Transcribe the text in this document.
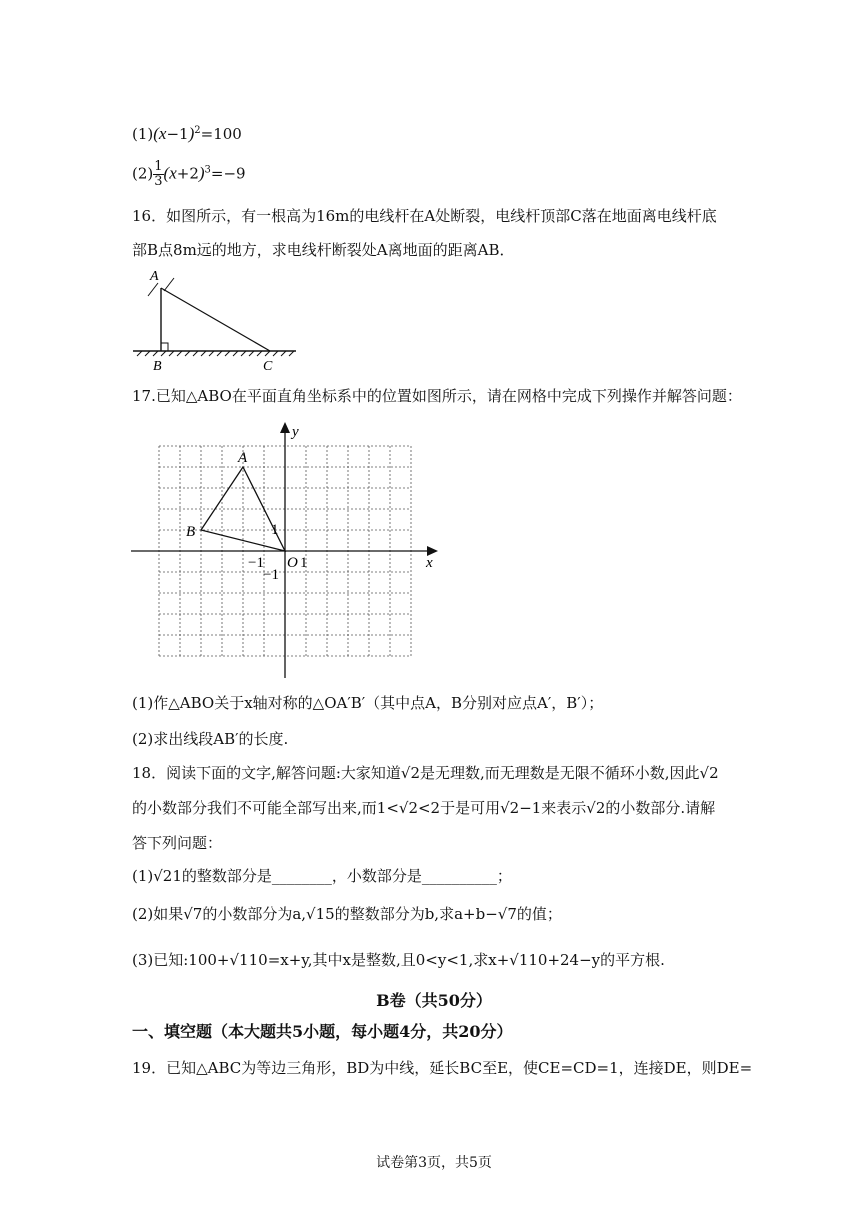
$(1)(x-1)^2=100$
$(2) \frac{1}{3} (x+2)^3=-9$
16．如图所示，有一根高为16m的电线杆在A处断裂，电线杆顶部C落在地面离电线杆底
部B点8m远的地方，求电线杆断裂处A离地面的距离AB．
A
B	C
17.已知△ABO在平面直角坐标系中的位置如图所示，请在网格中完成下列操作并解答问题：
x
y
A
B
O 1
−1
1
−1
(1)作△ABO关于x轴对称的△OA′B′（其中点A，B分别对应点A′，B′）；
(2)求出线段AB′的长度.
18．阅读下面的文字,解答问题:大家知道√2是无理数,而无理数是无限不循环小数,因此√2
的小数部分我们不可能全部写出来,而1<√2<2于是可用√2−1来表示√2的小数部分.请解
答下列问题：
(1)√21的整数部分是________，小数部分是__________；
(2)如果√7的小数部分为a,√15的整数部分为b,求a+b−√7的值；
(3)已知:100+√110=x+y,其中x是整数,且0<y<1,求x+√110+24−y的平方根.
B卷（共50分）
一、填空题（本大题共5小题，每小题4分，共20分）
19．已知△ABC为等边三角形，BD为中线，延长BC至E，使CE=CD=1，连接DE，则DE=
试卷第3页，共5页
